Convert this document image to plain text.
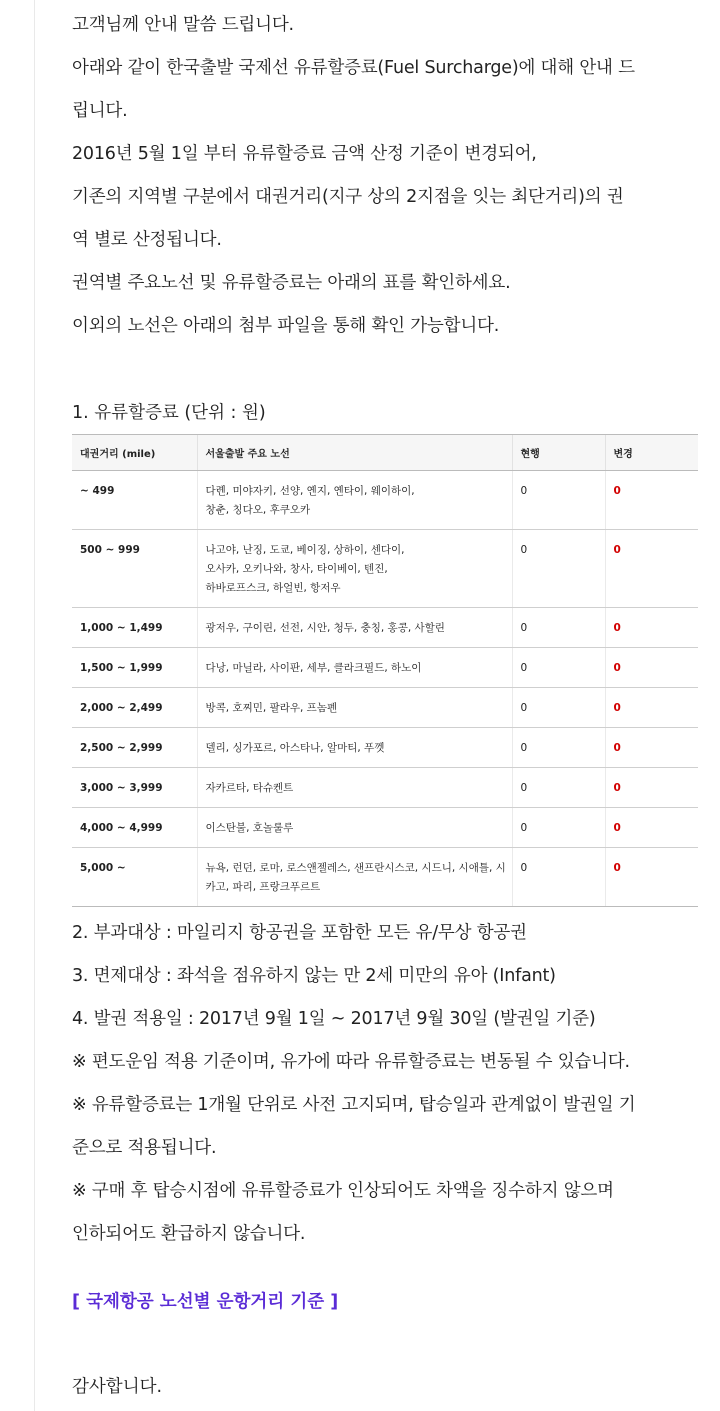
고객님께 안내 말씀 드립니다.

아래와 같이 한국출발 국제선 유류할증료(Fuel Surcharge)에 대해 안내 드

립니다.

2016년 5월 1일 부터 유류할증료 금액 산정 기준이 변경되어,

기존의 지역별 구분에서 대권거리(지구 상의 2지점을 잇는 최단거리)의 권

역 별로 산정됩니다.

권역별 주요노선 및 유류할증료는 아래의 표를 확인하세요.

이외의 노선은 아래의 첨부 파일을 통해 확인 가능합니다.

1. 유류할증료 (단위 : 원)

대권거리 (mile)	서울출발 주요 노선	현행	변경
~ 499	다롄, 미야자키, 선양, 옌지, 옌타이, 웨이하이,
창춘, 칭다오, 후쿠오카	0	0
500 ~ 999	나고야, 난징, 도쿄, 베이징, 상하이, 센다이,
오사카, 오키나와, 창사, 타이베이, 텐진,
하바로프스크, 하얼빈, 항저우	0	0
1,000 ~ 1,499	광저우, 구이린, 선전, 시안, 청두, 충칭, 홍콩, 사할린	0	0
1,500 ~ 1,999	다낭, 마닐라, 사이판, 세부, 클라크필드, 하노이	0	0
2,000 ~ 2,499	방콕, 호찌민, 팔라우, 프놈펜	0	0
2,500 ~ 2,999	델리, 싱가포르, 아스타나, 알마티, 푸껫	0	0
3,000 ~ 3,999	자카르타, 타슈켄트	0	0
4,000 ~ 4,999	이스탄불, 호놀룰루	0	0
5,000 ~	뉴욕, 런던, 로마, 로스앤젤레스, 샌프란시스코, 시드니, 시애틀, 시
카고, 파리, 프랑크푸르트	0	0

2. 부과대상 : 마일리지 항공권을 포함한 모든 유/무상 항공권

3. 면제대상 : 좌석을 점유하지 않는 만 2세 미만의 유아 (Infant)

4. 발권 적용일 : 2017년 9월 1일 ~ 2017년 9월 30일 (발권일 기준)

※ 편도운임 적용 기준이며, 유가에 따라 유류할증료는 변동될 수 있습니다.

※ 유류할증료는 1개월 단위로 사전 고지되며, 탑승일과 관계없이 발권일 기

준으로 적용됩니다.

※ 구매 후 탑승시점에 유류할증료가 인상되어도 차액을 징수하지 않으며

인하되어도 환급하지 않습니다.

[ 국제항공 노선별 운항거리 기준 ]
감사합니다.
